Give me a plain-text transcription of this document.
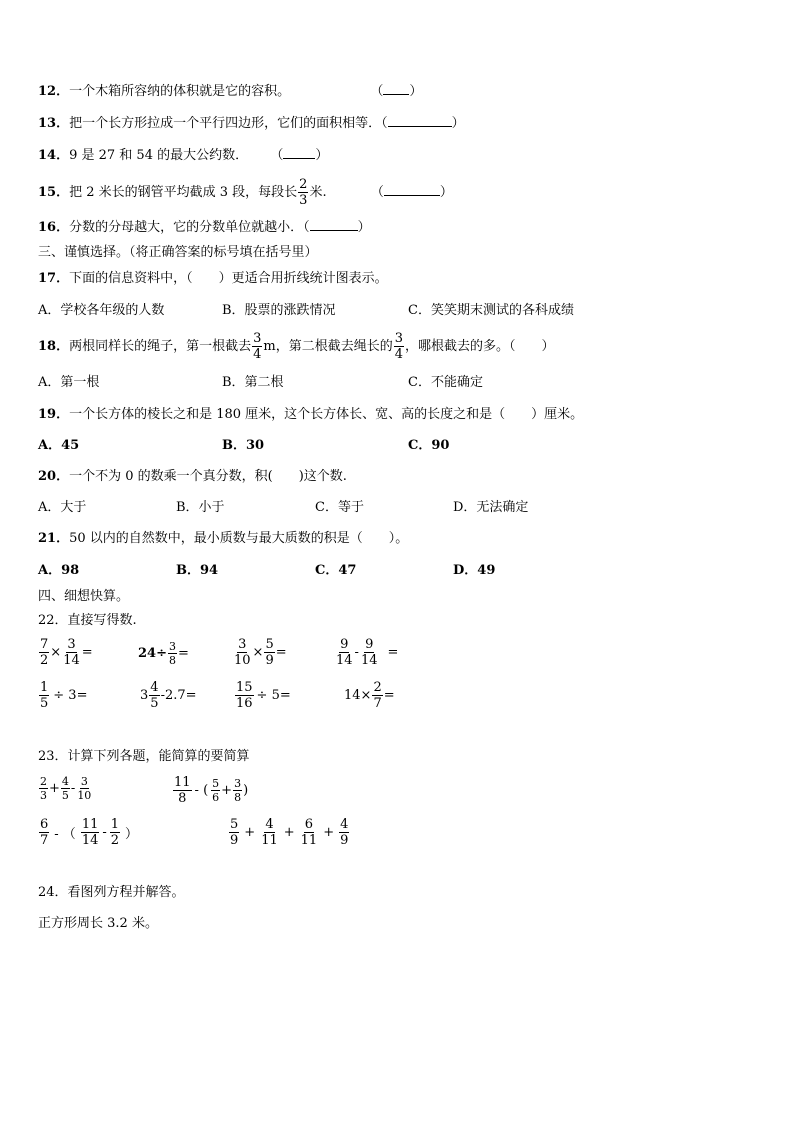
12．一个木箱所容纳的体积就是它的容积。	（ ）
13．把一个长方形拉成一个平行四边形，它们的面积相等．（	）
14．9 是 27 和 54 的最大公约数． （ ）
15．把 2 米长的钢管平均截成 3 段，每段长 $\frac{2}{3}$ 米.	（	）
16．分数的分母越大，它的分数单位就越小．（	）
三、谨慎选择。（将正确答案的标号填在括号里）
17．下面的信息资料中，（　　）更适合用折线统计图表示。
A．学校各年级的人数	B．股票的涨跌情况	C．笑笑期末测试的各科成绩
18．两根同样长的绳子，第一根截去 $\frac{3}{4}$ m，第二根截去绳长的 $\frac{3}{4}$ ，哪根截去的多。（　　）
A．第一根	B．第二根	C．不能确定
19．一个长方体的棱长之和是 180 厘米，这个长方体长、宽、高的长度之和是（　　）厘米。
A．45	B．30	C．90
20．一个不为 0 的数乘一个真分数，积(　　)这个数.
A．大于	B．小于	C．等于	D．无法确定
21．50 以内的自然数中，最小质数与最大质数的积是（　　）。
A．98	B．94	C．47	D．49
四、细想快算。
22．直接写得数.
$\frac{7}{2} \times \frac{3}{14}$ =	$24\div \frac{3}{8}$ =	$\frac{3}{10} \times \frac{5}{9}$ =	$\frac{9}{14} - \frac{9}{14}$ =
$\frac{1}{5} \div 3=$	$3 \frac{4}{5} -2.7=$	$\frac{15}{16} \div 5=$	$14\times \frac{2}{7}$ =
23．计算下列各题，能简算的要简算
$\frac{2}{3} + \frac{4}{5} - \frac{3}{10}$	$\frac{11}{8}$ - ( $\frac{5}{6} + \frac{3}{8}$ )
$\frac{6}{7}$ - （ $\frac{11}{14} - \frac{1}{2}$ ）	$\frac{5}{9} + \frac{4}{11} + \frac{6}{11} + \frac{4}{9}$
24．看图列方程并解答。
正方形周长 3.2 米。
